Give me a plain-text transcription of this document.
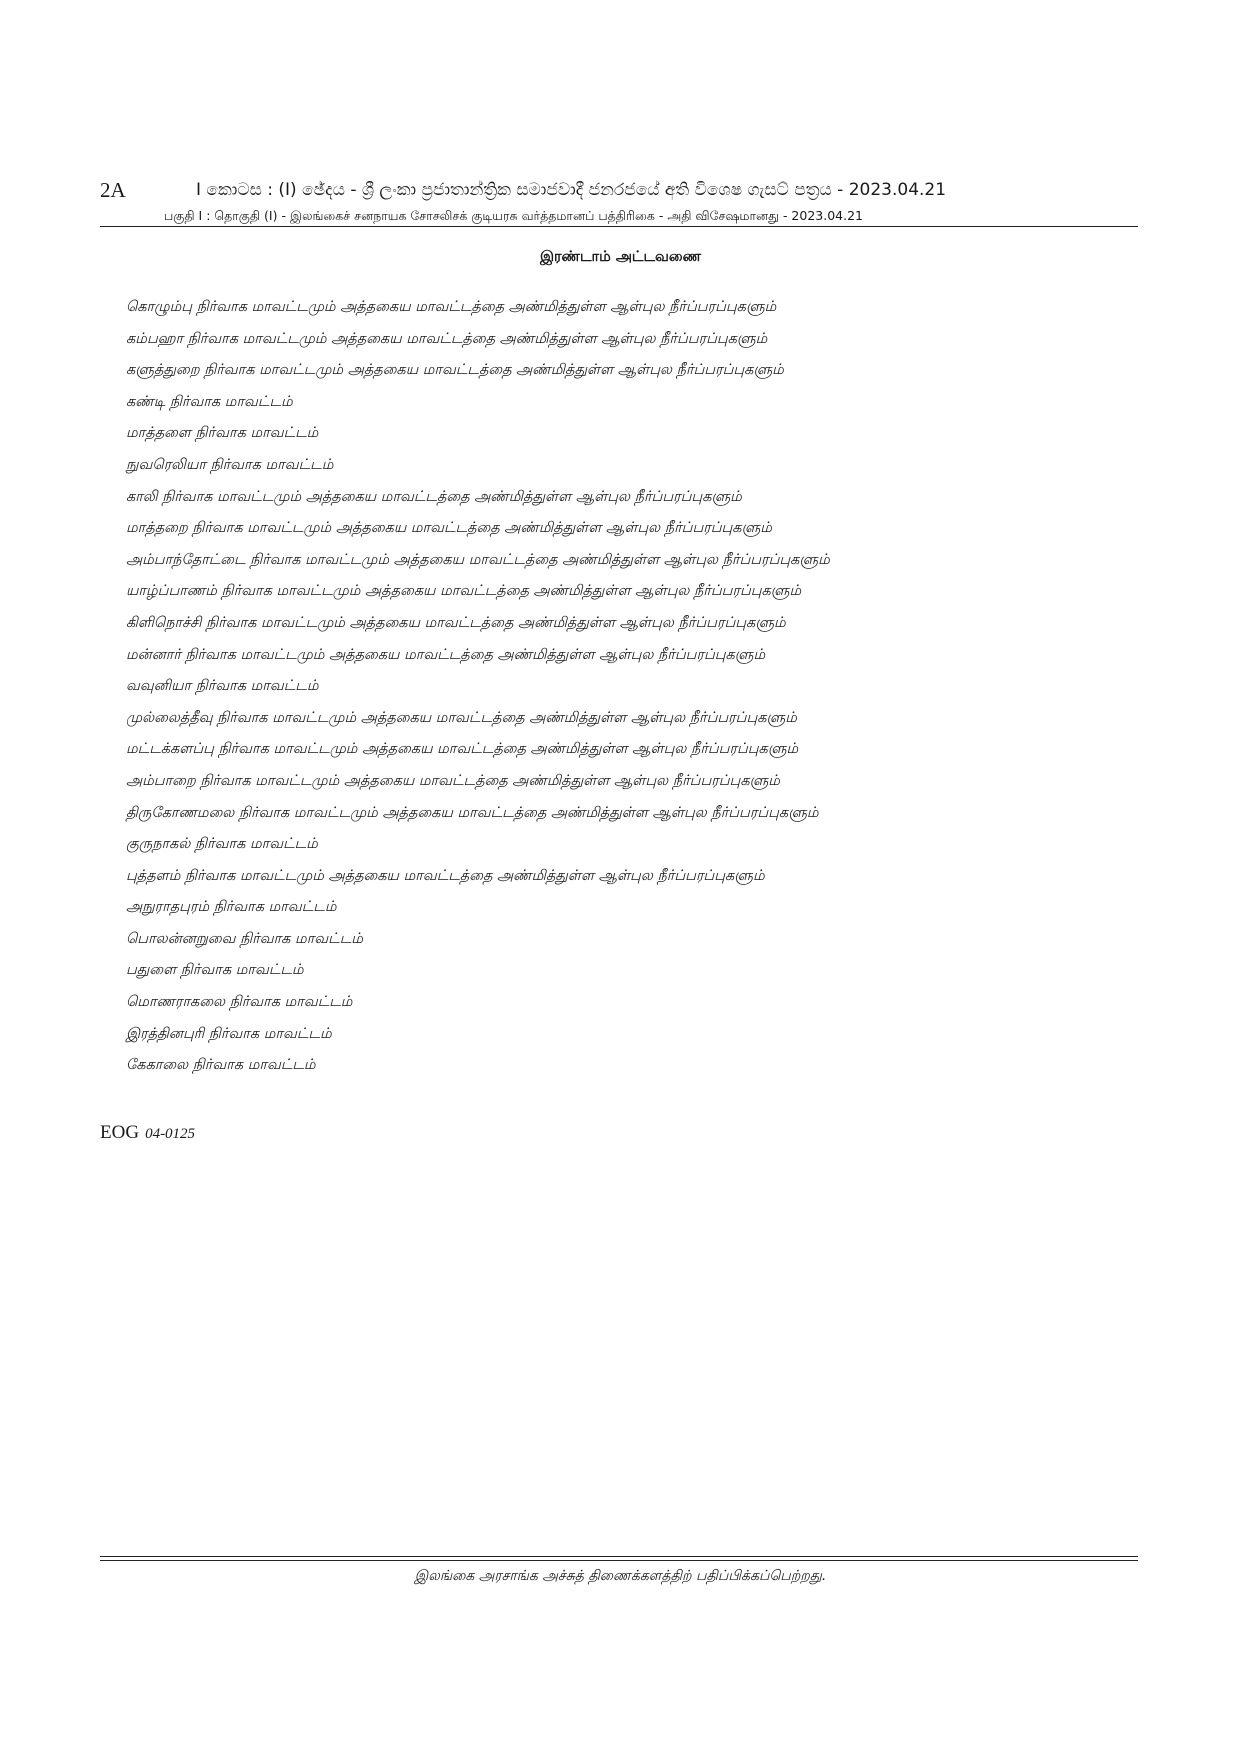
2A	I කොටස : (I) ඡේදය - ශ්‍රී ලංකා ප්‍රජාතාන්ත්‍රික සමාජවාදී ජනරජයේ අති විශෙෂ ගැසට් පත්‍රය - 2023.04.21
பகுதி I : தொகுதி (I) - இலங்கைச் சனநாயக சோசலிசக் குடியரசு வர்த்தமானப் பத்திரிகை - அதி விசேஷமானது - 2023.04.21
இரண்டாம் அட்டவணை
கொழும்பு நிர்வாக மாவட்டமும் அத்தகைய மாவட்டத்தை அண்மித்துள்ள ஆள்புல நீர்ப்பரப்புகளும்
கம்பஹா நிர்வாக மாவட்டமும் அத்தகைய மாவட்டத்தை அண்மித்துள்ள ஆள்புல நீர்ப்பரப்புகளும்
களுத்துறை நிர்வாக மாவட்டமும் அத்தகைய மாவட்டத்தை அண்மித்துள்ள ஆள்புல நீர்ப்பரப்புகளும்
கண்டி நிர்வாக மாவட்டம்
மாத்தளை நிர்வாக மாவட்டம்
நுவரெலியா நிர்வாக மாவட்டம்
காலி நிர்வாக மாவட்டமும் அத்தகைய மாவட்டத்தை அண்மித்துள்ள ஆள்புல நீர்ப்பரப்புகளும்
மாத்தறை நிர்வாக மாவட்டமும் அத்தகைய மாவட்டத்தை அண்மித்துள்ள ஆள்புல நீர்ப்பரப்புகளும்
அம்பாந்தோட்டை நிர்வாக மாவட்டமும் அத்தகைய மாவட்டத்தை அண்மித்துள்ள ஆள்புல நீர்ப்பரப்புகளும்
யாழ்ப்பாணம் நிர்வாக மாவட்டமும் அத்தகைய மாவட்டத்தை அண்மித்துள்ள ஆள்புல நீர்ப்பரப்புகளும்
கிளிநொச்சி நிர்வாக மாவட்டமும் அத்தகைய மாவட்டத்தை அண்மித்துள்ள ஆள்புல நீர்ப்பரப்புகளும்
மன்னார் நிர்வாக மாவட்டமும் அத்தகைய மாவட்டத்தை அண்மித்துள்ள ஆள்புல நீர்ப்பரப்புகளும்
வவுனியா நிர்வாக மாவட்டம்
முல்லைத்தீவு நிர்வாக மாவட்டமும் அத்தகைய மாவட்டத்தை அண்மித்துள்ள ஆள்புல நீர்ப்பரப்புகளும்
மட்டக்களப்பு நிர்வாக மாவட்டமும் அத்தகைய மாவட்டத்தை அண்மித்துள்ள ஆள்புல நீர்ப்பரப்புகளும்
அம்பாறை நிர்வாக மாவட்டமும் அத்தகைய மாவட்டத்தை அண்மித்துள்ள ஆள்புல நீர்ப்பரப்புகளும்
திருகோணமலை நிர்வாக மாவட்டமும் அத்தகைய மாவட்டத்தை அண்மித்துள்ள ஆள்புல நீர்ப்பரப்புகளும்
குருநாகல் நிர்வாக மாவட்டம்
புத்தளம் நிர்வாக மாவட்டமும் அத்தகைய மாவட்டத்தை அண்மித்துள்ள ஆள்புல நீர்ப்பரப்புகளும்
அநுராதபுரம் நிர்வாக மாவட்டம்
பொலன்னறுவை நிர்வாக மாவட்டம்
பதுளை நிர்வாக மாவட்டம்
மொணராகலை நிர்வாக மாவட்டம்
இரத்தினபுரி நிர்வாக மாவட்டம்
கேகாலை நிர்வாக மாவட்டம்
EOG 04-0125
இலங்கை அரசாங்க அச்சுத் திணைக்களத்திற் பதிப்பிக்கப்பெற்றது.
